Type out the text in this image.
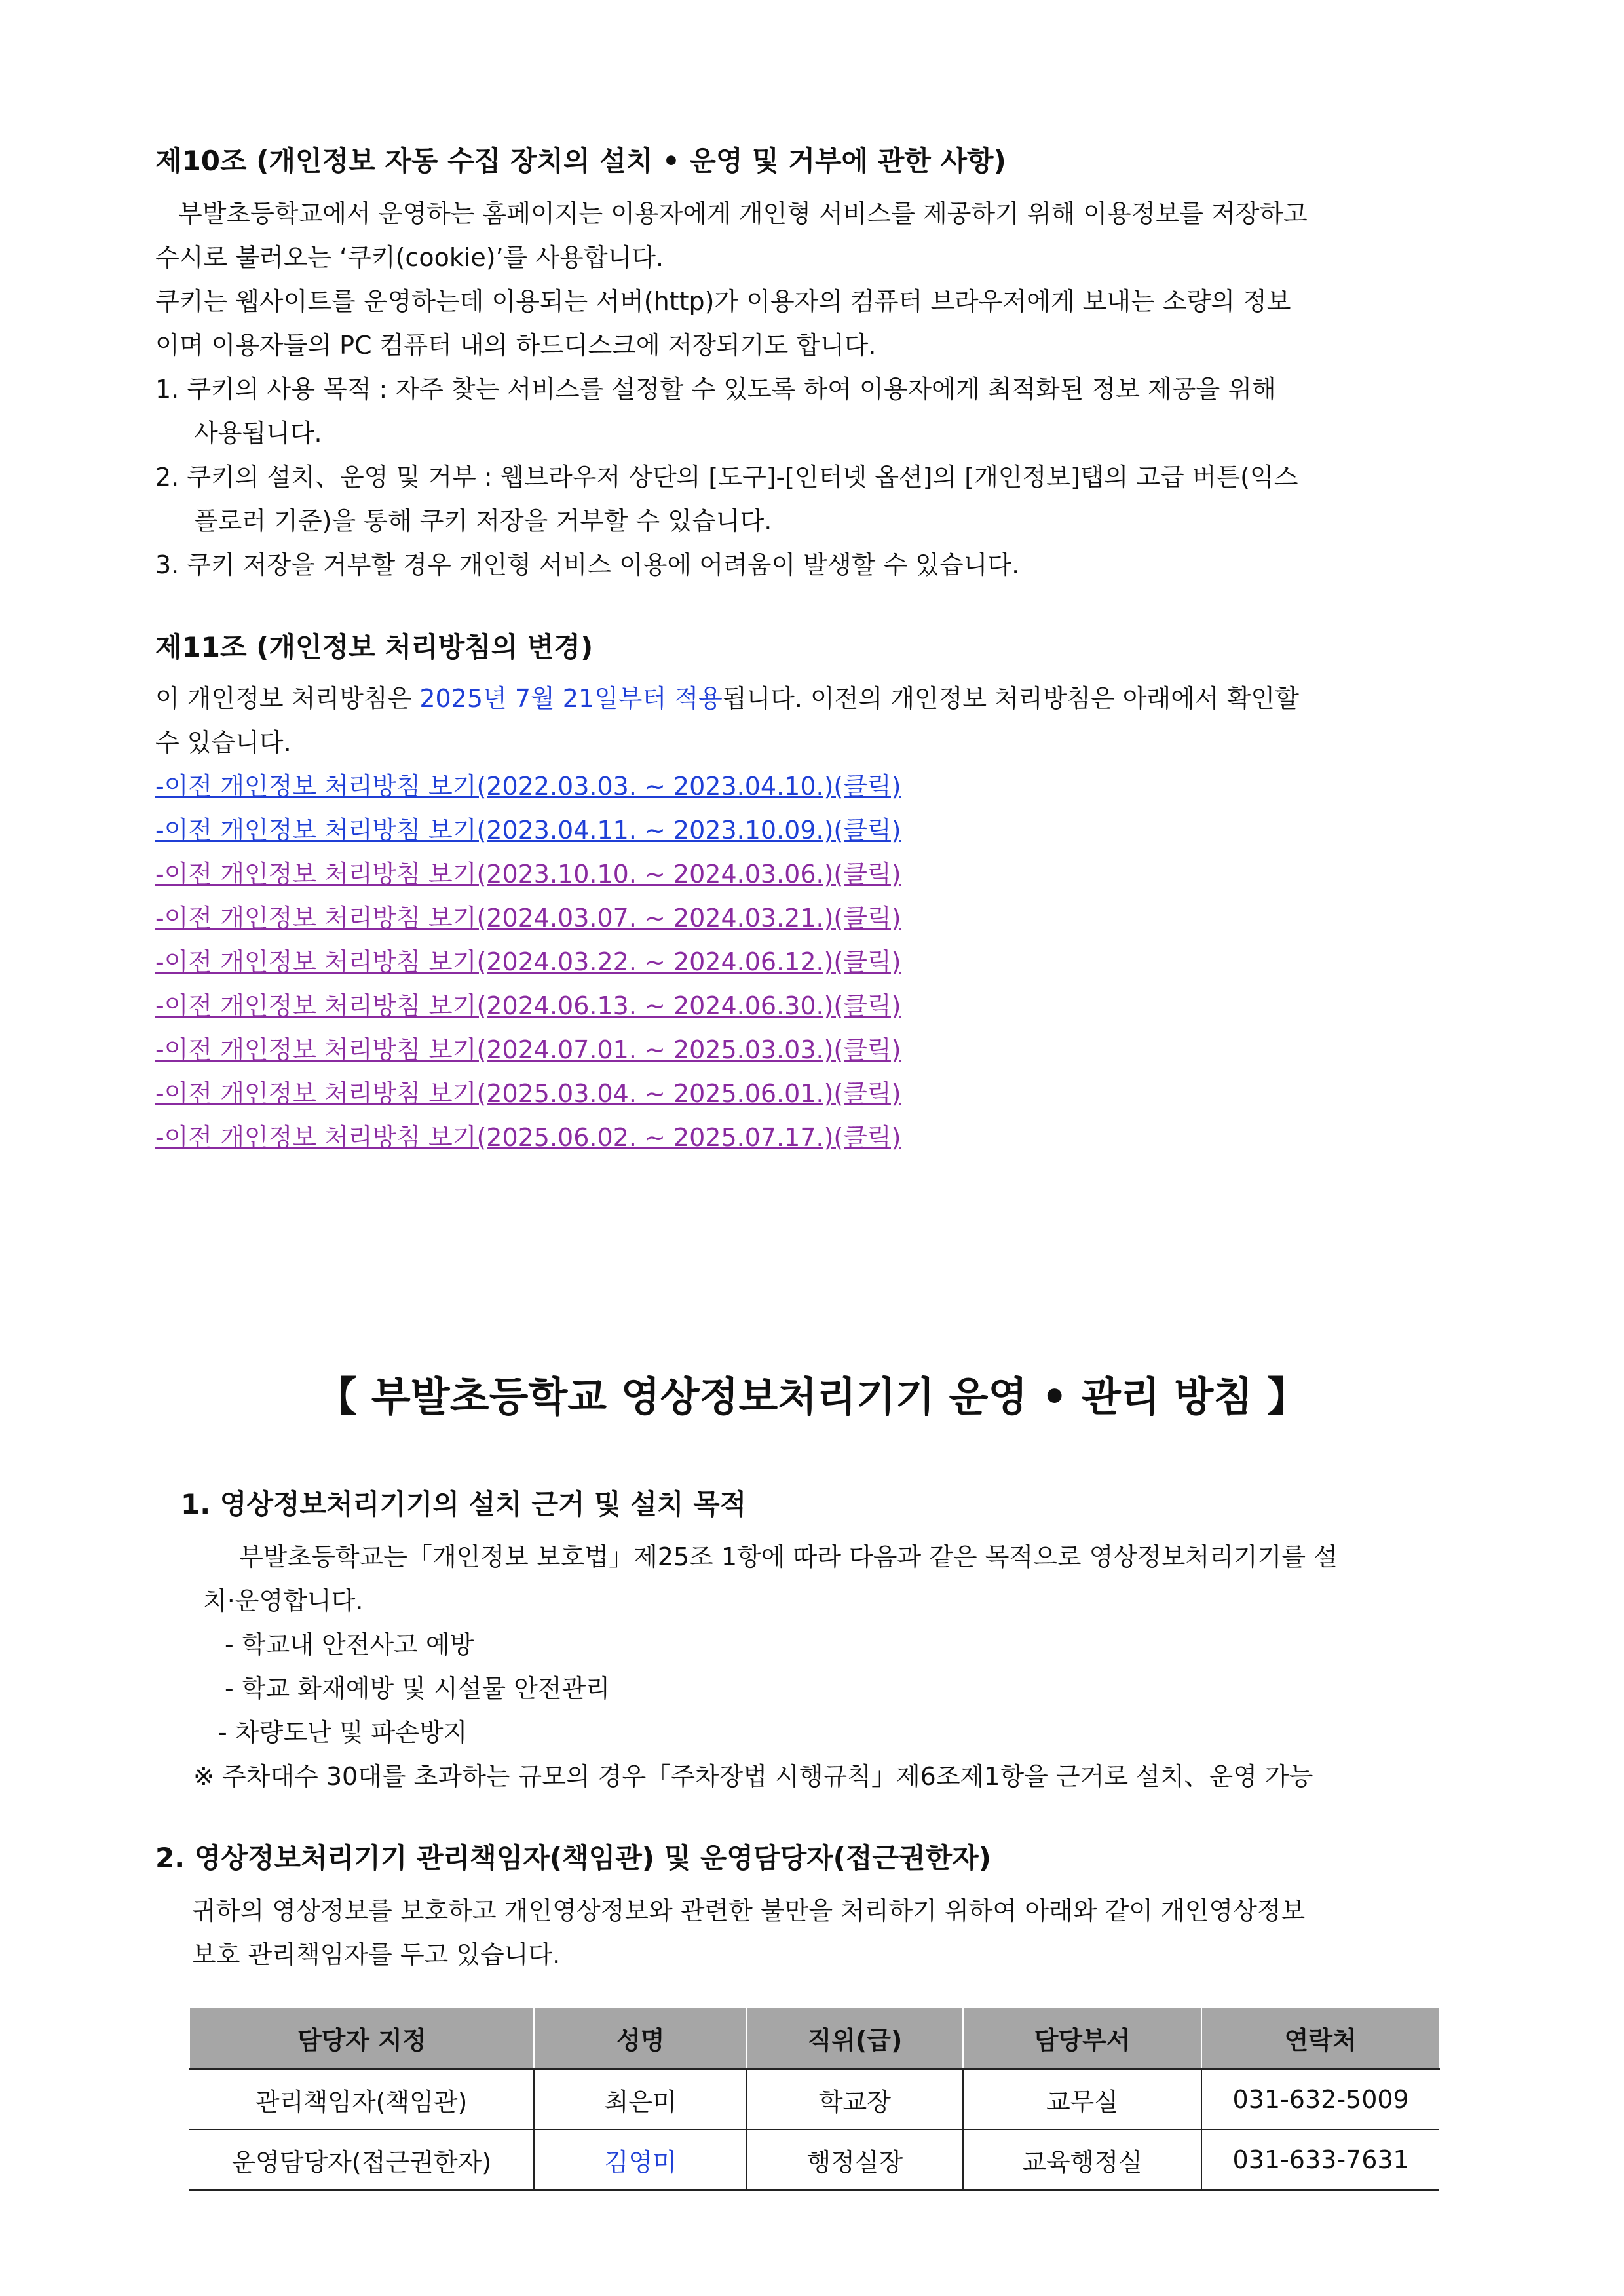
제10조 (개인정보 자동 수집 장치의 설치 • 운영 및 거부에 관한 사항)
부발초등학교에서 운영하는 홈페이지는 이용자에게 개인형 서비스를 제공하기 위해 이용정보를 저장하고
수시로 불러오는 ‘쿠키(cookie)’를 사용합니다.
쿠키는 웹사이트를 운영하는데 이용되는 서버(http)가 이용자의 컴퓨터 브라우저에게 보내는 소량의 정보
이며 이용자들의 PC 컴퓨터 내의 하드디스크에 저장되기도 합니다.
1. 쿠키의 사용 목적 : 자주 찾는 서비스를 설정할 수 있도록 하여 이용자에게 최적화된 정보 제공을 위해
사용됩니다.
2. 쿠키의 설치、운영 및 거부 : 웹브라우저 상단의 [도구]-[인터넷 옵션]의 [개인정보]탭의 고급 버튼(익스
플로러 기준)을 통해 쿠키 저장을 거부할 수 있습니다.
3. 쿠키 저장을 거부할 경우 개인형 서비스 이용에 어려움이 발생할 수 있습니다.
제11조 (개인정보 처리방침의 변경)
이 개인정보 처리방침은 2025년 7월 21일부터 적용됩니다. 이전의 개인정보 처리방침은 아래에서 확인할
수 있습니다.
-이전 개인정보 처리방침 보기(2022.03.03. ~ 2023.04.10.)(클릭)
-이전 개인정보 처리방침 보기(2023.04.11. ~ 2023.10.09.)(클릭)
-이전 개인정보 처리방침 보기(2023.10.10. ~ 2024.03.06.)(클릭)
-이전 개인정보 처리방침 보기(2024.03.07. ~ 2024.03.21.)(클릭)
-이전 개인정보 처리방침 보기(2024.03.22. ~ 2024.06.12.)(클릭)
-이전 개인정보 처리방침 보기(2024.06.13. ~ 2024.06.30.)(클릭)
-이전 개인정보 처리방침 보기(2024.07.01. ~ 2025.03.03.)(클릭)
-이전 개인정보 처리방침 보기(2025.03.04. ~ 2025.06.01.)(클릭)
-이전 개인정보 처리방침 보기(2025.06.02. ~ 2025.07.17.)(클릭)
【 부발초등학교 영상정보처리기기 운영 • 관리 방침 】
1. 영상정보처리기기의 설치 근거 및 설치 목적
부발초등학교는「개인정보 보호법」제25조 1항에 따라 다음과 같은 목적으로 영상정보처리기기를 설
치·운영합니다.
- 학교내 안전사고 예방
- 학교 화재예방 및 시설물 안전관리
- 차량도난 및 파손방지
※ 주차대수 30대를 초과하는 규모의 경우「주차장법 시행규칙」제6조제1항을 근거로 설치、운영 가능
2. 영상정보처리기기 관리책임자(책임관) 및 운영담당자(접근권한자)
귀하의 영상정보를 보호하고 개인영상정보와 관련한 불만을 처리하기 위하여 아래와 같이 개인영상정보
보호 관리책임자를 두고 있습니다.
담당자 지정	성명	직위(급)	담당부서	연락처
관리책임자(책임관)	최은미	학교장	교무실	031-632-5009
운영담당자(접근권한자)	김영미	행정실장	교육행정실	031-633-7631
